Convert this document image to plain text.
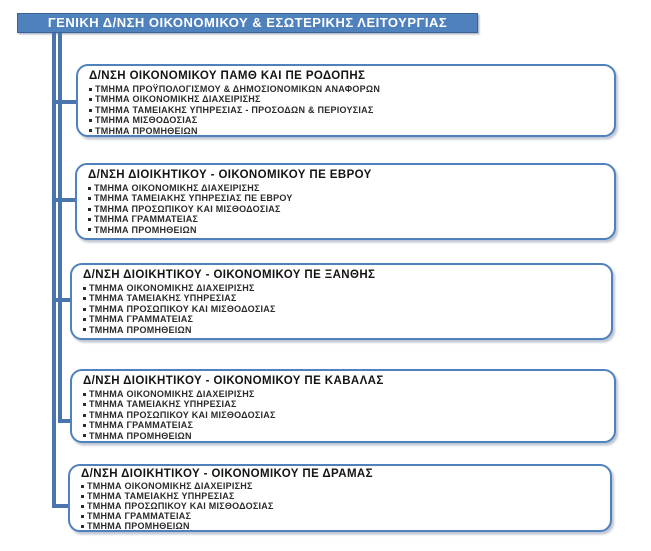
ΓΕΝΙΚΗ Δ/ΝΣΗ ΟΙΚΟΝΟΜΙΚΟΥ & ΕΣΩΤΕΡΙΚΗΣ ΛΕΙΤΟΥΡΓΙΑΣ
Δ/ΝΣΗ ΟΙΚΟΝΟΜΙΚΟΥ ΠΑΜΘ ΚΑΙ ΠΕ ΡΟΔΟΠΗΣ
ΤΜΗΜΑ ΠΡΟΫΠΟΛΟΓΙΣΜΟΥ & ΔΗΜΟΣΙΟΝΟΜΙΚΩΝ ΑΝΑΦΟΡΩΝ
ΤΜΗΜΑ ΟΙΚΟΝΟΜΙΚΗΣ ΔΙΑΧΕΙΡΙΣΗΣ
ΤΜΗΜΑ ΤΑΜΕΙΑΚΗΣ ΥΠΗΡΕΣΙΑΣ - ΠΡΟΣΟΔΩΝ & ΠΕΡΙΟΥΣΙΑΣ
ΤΜΗΜΑ ΜΙΣΘΟΔΟΣΙΑΣ
ΤΜΗΜΑ ΠΡΟΜΗΘΕΙΩΝ
Δ/ΝΣΗ ΔΙΟΙΚΗΤΙΚΟΥ - ΟΙΚΟΝΟΜΙΚΟΥ ΠΕ ΕΒΡΟΥ
ΤΜΗΜΑ ΟΙΚΟΝΟΜΙΚΗΣ ΔΙΑΧΕΙΡΙΣΗΣ
ΤΜΗΜΑ ΤΑΜΕΙΑΚΗΣ ΥΠΗΡΕΣΙΑΣ ΠΕ ΕΒΡΟΥ
ΤΜΗΜΑ ΠΡΟΣΩΠΙΚΟΥ ΚΑΙ ΜΙΣΘΟΔΟΣΙΑΣ
ΤΜΗΜΑ ΓΡΑΜΜΑΤΕΙΑΣ
ΤΜΗΜΑ ΠΡΟΜΗΘΕΙΩΝ
Δ/ΝΣΗ ΔΙΟΙΚΗΤΙΚΟΥ - ΟΙΚΟΝΟΜΙΚΟΥ ΠΕ ΞΑΝΘΗΣ
ΤΜΗΜΑ ΟΙΚΟΝΟΜΙΚΗΣ ΔΙΑΧΕΙΡΙΣΗΣ
ΤΜΗΜΑ ΤΑΜΕΙΑΚΗΣ ΥΠΗΡΕΣΙΑΣ
ΤΜΗΜΑ ΠΡΟΣΩΠΙΚΟΥ ΚΑΙ ΜΙΣΘΟΔΟΣΙΑΣ
ΤΜΗΜΑ ΓΡΑΜΜΑΤΕΙΑΣ
ΤΜΗΜΑ ΠΡΟΜΗΘΕΙΩΝ
Δ/ΝΣΗ ΔΙΟΙΚΗΤΙΚΟΥ - ΟΙΚΟΝΟΜΙΚΟΥ ΠΕ ΚΑΒΑΛΑΣ
ΤΜΗΜΑ ΟΙΚΟΝΟΜΙΚΗΣ ΔΙΑΧΕΙΡΙΣΗΣ
ΤΜΗΜΑ ΤΑΜΕΙΑΚΗΣ ΥΠΗΡΕΣΙΑΣ
ΤΜΗΜΑ ΠΡΟΣΩΠΙΚΟΥ ΚΑΙ ΜΙΣΘΟΔΟΣΙΑΣ
ΤΜΗΜΑ ΓΡΑΜΜΑΤΕΙΑΣ
ΤΜΗΜΑ ΠΡΟΜΗΘΕΙΩΝ
Δ/ΝΣΗ ΔΙΟΙΚΗΤΙΚΟΥ - ΟΙΚΟΝΟΜΙΚΟΥ ΠΕ ΔΡΑΜΑΣ
ΤΜΗΜΑ ΟΙΚΟΝΟΜΙΚΗΣ ΔΙΑΧΕΙΡΙΣΗΣ
ΤΜΗΜΑ ΤΑΜΕΙΑΚΗΣ ΥΠΗΡΕΣΙΑΣ
ΤΜΗΜΑ ΠΡΟΣΩΠΙΚΟΥ ΚΑΙ ΜΙΣΘΟΔΟΣΙΑΣ
ΤΜΗΜΑ ΓΡΑΜΜΑΤΕΙΑΣ
ΤΜΗΜΑ ΠΡΟΜΗΘΕΙΩΝ
